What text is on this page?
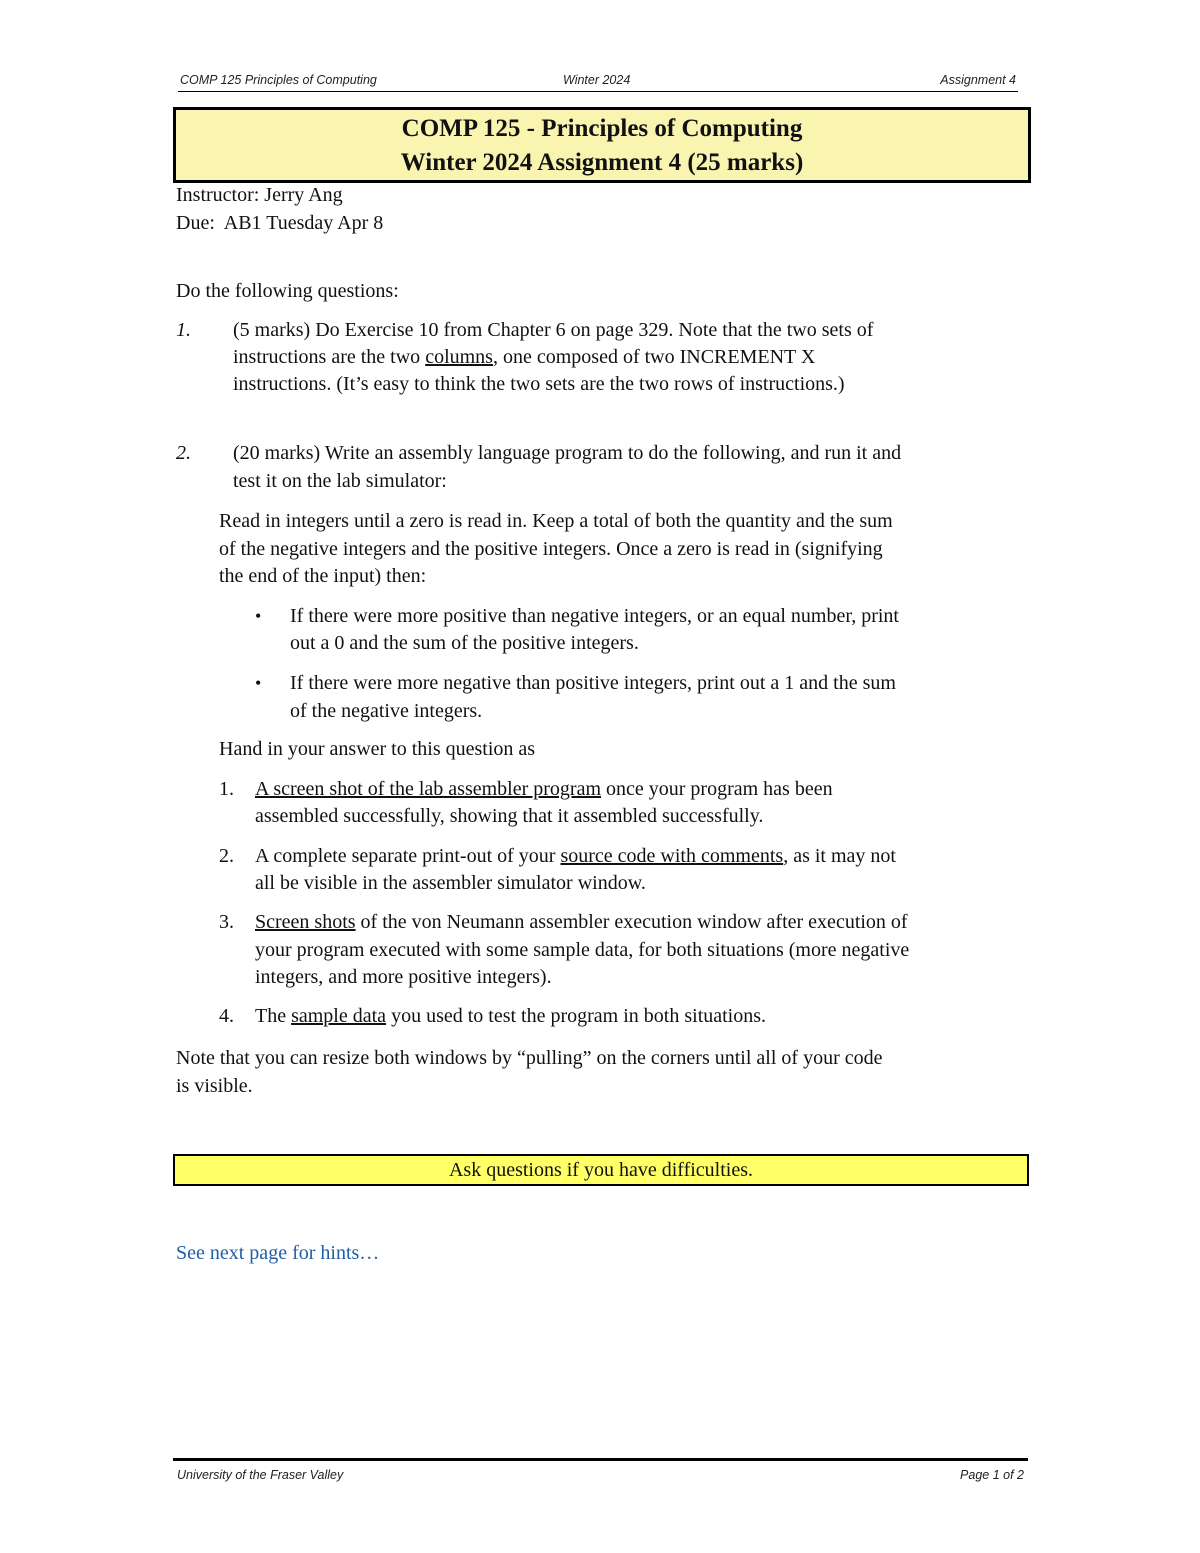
COMP 125 Principles of Computing	Winter 2024	Assignment 4
COMP 125 - Principles of Computing
Winter 2024 Assignment 4 (25 marks)
Instructor: Jerry Ang
Due:  AB1 Tuesday Apr 8
Do the following questions:
1. (5 marks) Do Exercise 10 from Chapter 6 on page 329. Note that the two sets of
instructions are the two columns, one composed of two INCREMENT X
instructions. (It’s easy to think the two sets are the two rows of instructions.)
2. (20 marks) Write an assembly language program to do the following, and run it and
test it on the lab simulator:
Read in integers until a zero is read in. Keep a total of both the quantity and the sum
of the negative integers and the positive integers. Once a zero is read in (signifying
the end of the input) then:
• If there were more positive than negative integers, or an equal number, print
out a 0 and the sum of the positive integers.
• If there were more negative than positive integers, print out a 1 and the sum
of the negative integers.
Hand in your answer to this question as
1. A screen shot of the lab assembler program once your program has been
assembled successfully, showing that it assembled successfully.
2. A complete separate print-out of your source code with comments, as it may not
all be visible in the assembler simulator window.
3. Screen shots of the von Neumann assembler execution window after execution of
your program executed with some sample data, for both situations (more negative
integers, and more positive integers).
4. The sample data you used to test the program in both situations.
Note that you can resize both windows by “pulling” on the corners until all of your code
is visible.
Ask questions if you have difficulties.
See next page for hints…
University of the Fraser Valley	Page 1 of 2
